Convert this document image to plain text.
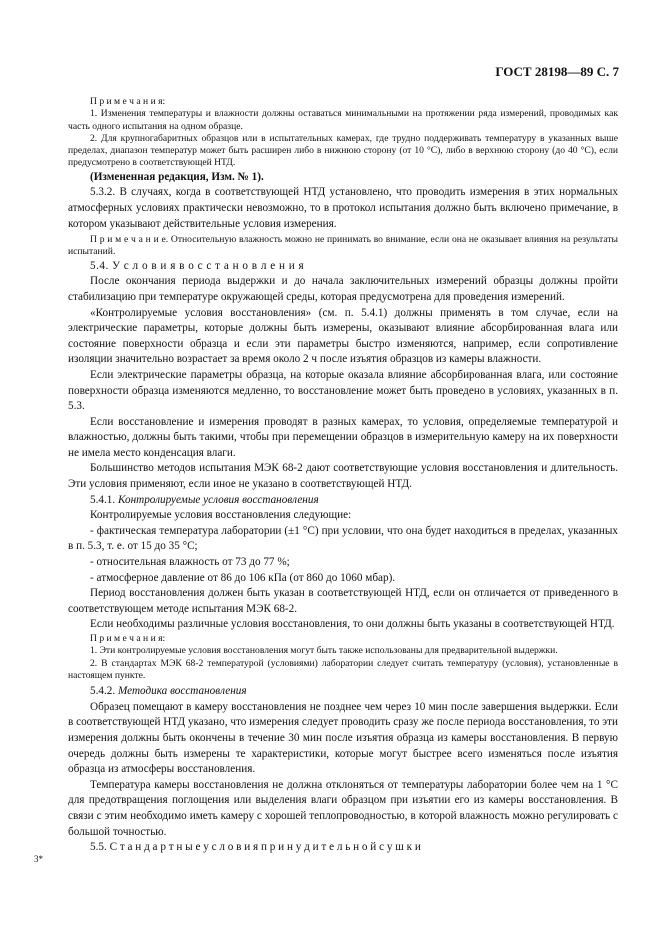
ГОСТ 28198—89 С. 7

П р и м е ч а н и я:

1. Изменения температуры и влажности должны оставаться минимальными на протяжении ряда измерений, проводимых как часть одного испытания на одном образце.

2. Для крупногабаритных образцов или в испытательных камерах, где трудно поддерживать температуру в указанных выше пределах, диапазон температур может быть расширен либо в нижнюю сторону (от 10 °С), либо в верхнюю сторону (до 40 °С), если предусмотрено в соответствующей НТД.

(Измененная редакция, Изм. № 1).

5.3.2. В случаях, когда в соответствующей НТД установлено, что проводить измерения в этих нормальных атмосферных условиях практически невозможно, то в протокол испытания должно быть включено примечание, в котором указывают действительные условия измерения.

П р и м е ч а н и е. Относительную влажность можно не принимать во внимание, если она не оказывает влияния на результаты испытаний.

5.4. У с л о в и я в о с с т а н о в л е н и я

После окончания периода выдержки и до начала заключительных измерений образцы должны пройти стабилизацию при температуре окружающей среды, которая предусмотрена для проведения измерений.

«Контролируемые условия восстановления» (см. п. 5.4.1) должны применять в том случае, если на электрические параметры, которые должны быть измерены, оказывают влияние абсорбированная влага или состояние поверхности образца и если эти параметры быстро изменяются, например, если сопротивление изоляции значительно возрастает за время около 2 ч после изъятия образцов из камеры влажности.

Если электрические параметры образца, на которые оказала влияние абсорбированная влага, или состояние поверхности образца изменяются медленно, то восстановление может быть проведено в условиях, указанных в п. 5.3.

Если восстановление и измерения проводят в разных камерах, то условия, определяемые температурой и влажностью, должны быть такими, чтобы при перемещении образцов в измерительную камеру на их поверхности не имела место конденсация влаги.

Большинство методов испытания МЭК 68-2 дают соответствующие условия восстановления и длительность. Эти условия применяют, если иное не указано в соответствующей НТД.

5.4.1. Контролируемые условия восстановления

Контролируемые условия восстановления следующие:

- фактическая температура лаборатории (±1 °С) при условии, что она будет находиться в пределах, указанных в п. 5.3, т. е. от 15 до 35 °С;

- относительная влажность от 73 до 77 %;

- атмосферное давление от 86 до 106 кПа (от 860 до 1060 мбар).

Период восстановления должен быть указан в соответствующей НТД, если он отличается от приведенного в соответствующем методе испытания МЭК 68-2.

Если необходимы различные условия восстановления, то они должны быть указаны в соответствующей НТД.

П р и м е ч а н и я:

1. Эти контролируемые условия восстановления могут быть также использованы для предварительной выдержки.

2. В стандартах МЭК 68-2 температурой (условиями) лаборатории следует считать температуру (условия), установленные в настоящем пункте.

5.4.2. Методика восстановления

Образец помещают в камеру восстановления не позднее чем через 10 мин после завершения выдержки. Если в соответствующей НТД указано, что измерения следует проводить сразу же после периода восстановления, то эти измерения должны быть окончены в течение 30 мин после изъятия образца из камеры восстановления. В первую очередь должны быть измерены те характеристики, которые могут быстрее всего изменяться после изъятия образца из атмосферы восстановления.

Температура камеры восстановления не должна отклоняться от температуры лаборатории более чем на 1 °С для предотвращения поглощения или выделения влаги образцом при изъятии его из камеры восстановления. В связи с этим необходимо иметь камеру с хорошей теплопроводностью, в которой влажность можно регулировать с большой точностью.

5.5. С т а н д а р т н ы е у с л о в и я п р и н у д и т е л ь н о й с у ш к и

3*
